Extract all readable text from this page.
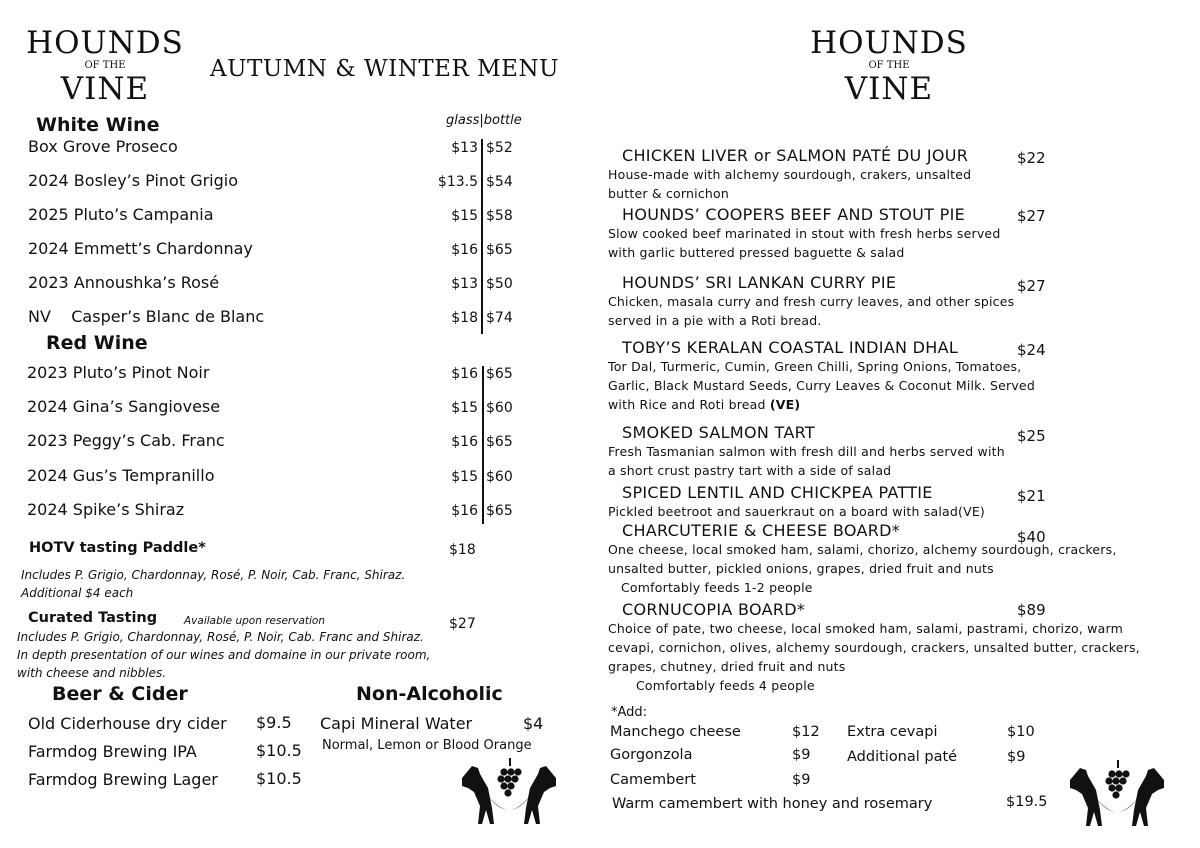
HOUNDS
OF THE
VINE
AUTUMN & WINTER MENU
HOUNDS
OF THE
VINE
White Wine	glass|bottle
Box Grove Proseco	$13 $52
2024 Bosley’s Pinot Grigio	$13.5 $54
2025 Pluto’s Campania	$15 $58
2024 Emmett’s Chardonnay	$16 $65
2023 Annoushka’s Rosé	$13 $50
NV    Casper’s Blanc de Blanc	$18 $74
Red Wine
2023 Pluto’s Pinot Noir	$16 $65
2024 Gina’s Sangiovese	$15 $60
2023 Peggy’s Cab. Franc	$16 $65
2024 Gus’s Tempranillo	$15 $60
2024 Spike’s Shiraz	$16 $65
HOTV tasting Paddle*	$18
Includes P. Grigio, Chardonnay, Rosé, P. Noir, Cab. Franc, Shiraz.
Additional $4 each
Curated Tasting	Available upon reservation	$27
Includes P. Grigio, Chardonnay, Rosé, P. Noir, Cab. Franc and Shiraz.
In depth presentation of our wines and domaine in our private room,
with cheese and nibbles.
Beer & Cider
Old Ciderhouse dry cider $9.5
Farmdog Brewing IPA	$10.5
Farmdog Brewing Lager $10.5
Non-Alcoholic
Capi Mineral Water	$4
Normal, Lemon or Blood Orange
CHICKEN LIVER or SALMON PATÉ DU JOUR	$22
House-made with alchemy sourdough, crakers, unsalted
butter & cornichon
HOUNDS’ COOPERS BEEF AND STOUT PIE	$27
Slow cooked beef marinated in stout with fresh herbs served
with garlic buttered pressed baguette & salad
HOUNDS’ SRI LANKAN CURRY PIE	$27
Chicken, masala curry and fresh curry leaves, and other spices
served in a pie with a Roti bread.
TOBY’S KERALAN COASTAL INDIAN DHAL	$24
Tor Dal, Turmeric, Cumin, Green Chilli, Spring Onions, Tomatoes,
Garlic, Black Mustard Seeds, Curry Leaves & Coconut Milk. Served
with Rice and Roti bread (VE)
SMOKED SALMON TART	$25
Fresh Tasmanian salmon with fresh dill and herbs served with
a short crust pastry tart with a side of salad
SPICED LENTIL AND CHICKPEA PATTIE	$21
Pickled beetroot and sauerkraut on a board with salad(VE)
CHARCUTERIE & CHEESE BOARD*	$40
One cheese, local smoked ham, salami, chorizo, alchemy sourdough, crackers,
unsalted butter, pickled onions, grapes, dried fruit and nuts
Comfortably feeds 1-2 people
CORNUCOPIA BOARD*	$89
Choice of pate, two cheese, local smoked ham, salami, pastrami, chorizo, warm
cevapi, cornichon, olives, alchemy sourdough, crackers, unsalted butter, crackers,
grapes, chutney, dried fruit and nuts
Comfortably feeds 4 people
*Add:
Manchego cheese	$12
Gorgonzola	$9
Camembert	$9
Extra cevapi	$10
Additional paté	$9
Warm camembert with honey and rosemary	$19.5
